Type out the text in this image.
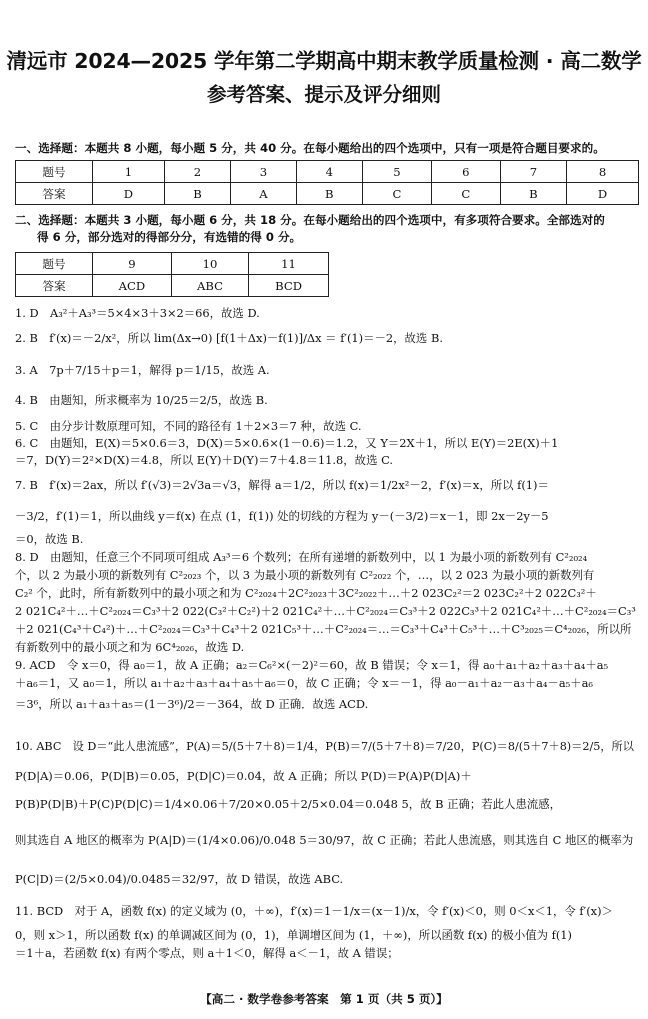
清远市 2024—2025 学年第二学期高中期末教学质量检测 · 高二数学
参考答案、提示及评分细则
一、选择题：本题共 8 小题，每小题 5 分，共 40 分。在每小题给出的四个选项中，只有一项是符合题目要求的。
题号	1	2	3	4	5	6	7	8
答案	D	B	A	B	C	C	B	D
二、选择题：本题共 3 小题，每小题 6 分，共 18 分。在每小题给出的四个选项中，有多项符合要求。全部选对的
得 6 分，部分选对的得部分分，有选错的得 0 分。
题号	9	10	11
答案	ACD	ABC	BCD
1. D　A₃²＋A₃³＝5×4×3＋3×2＝66，故选 D.
2. B　f′(x)＝－2/x²，所以 lim(Δx→0) [f(1＋Δx)－f(1)]/Δx ＝ f′(1)＝－2，故选 B.
3. A　7p＋7/15＋p＝1，解得 p＝1/15，故选 A.
4. B　由题知，所求概率为 10/25＝2/5，故选 B.
5. C　由分步计数原理可知，不同的路径有 1＋2×3＝7 种，故选 C.
6. C　由题知，E(X)＝5×0.6＝3，D(X)＝5×0.6×(1－0.6)＝1.2，又 Y＝2X＋1，所以 E(Y)＝2E(X)＋1
＝7，D(Y)＝2²×D(X)＝4.8，所以 E(Y)＋D(Y)＝7＋4.8＝11.8，故选 C.
7. B　f′(x)＝2ax，所以 f′(√3)＝2√3a＝√3，解得 a＝1/2，所以 f(x)＝1/2x²－2，f′(x)＝x，所以 f(1)＝
－3/2，f′(1)＝1，所以曲线 y＝f(x) 在点 (1，f(1)) 处的切线的方程为 y－(－3/2)＝x－1，即 2x－2y－5
＝0，故选 B.
8. D　由题知，任意三个不同项可组成 A₃³＝6 个数列；在所有递增的新数列中，以 1 为最小项的新数列有 C²₂₀₂₄
个，以 2 为最小项的新数列有 C²₂₀₂₃ 个，以 3 为最小项的新数列有 C²₂₀₂₂ 个，…，以 2 023 为最小项的新数列有
C₂² 个，此时，所有新数列中的最小项之和为 C²₂₀₂₄＋2C²₂₀₂₃＋3C²₂₀₂₂＋…＋2 023C₂²＝2 023C₂²＋2 022C₃²＋
2 021C₄²＋…＋C²₂₀₂₄＝C₃³＋2 022(C₃²＋C₂²)＋2 021C₄²＋…＋C²₂₀₂₄＝C₃³＋2 022C₃³＋2 021C₄²＋…＋C²₂₀₂₄＝C₃³
＋2 021(C₄³＋C₄²)＋…＋C²₂₀₂₄＝C₃³＋C₄³＋2 021C₅³＋…＋C²₂₀₂₄＝…＝C₃³＋C₄³＋C₅³＋…＋C³₂₀₂₅＝C⁴₂₀₂₆，所以所
有新数列中的最小项之和为 6C⁴₂₀₂₆，故选 D.
9. ACD　令 x＝0，得 a₀＝1，故 A 正确；a₂＝C₆²×(－2)²＝60，故 B 错误；令 x＝1，得 a₀＋a₁＋a₂＋a₃＋a₄＋a₅
＋a₆＝1，又 a₀＝1，所以 a₁＋a₂＋a₃＋a₄＋a₅＋a₆＝0，故 C 正确；令 x＝－1，得 a₀－a₁＋a₂－a₃＋a₄－a₅＋a₆
＝3⁶，所以 a₁＋a₃＋a₅＝(1－3⁶)/2＝－364，故 D 正确．故选 ACD.
10. ABC　设 D＝“此人患流感”，P(A)＝5/(5＋7＋8)＝1/4，P(B)＝7/(5＋7＋8)＝7/20，P(C)＝8/(5＋7＋8)＝2/5，所以
P(D|A)＝0.06，P(D|B)＝0.05，P(D|C)＝0.04，故 A 正确；所以 P(D)＝P(A)P(D|A)＋
P(B)P(D|B)＋P(C)P(D|C)＝1/4×0.06＋7/20×0.05＋2/5×0.04＝0.048 5，故 B 正确；若此人患流感，
则其选自 A 地区的概率为 P(A|D)＝(1/4×0.06)/0.048 5＝30/97，故 C 正确；若此人患流感，则其选自 C 地区的概率为
P(C|D)＝(2/5×0.04)/0.0485＝32/97，故 D 错误，故选 ABC.
11. BCD　对于 A，函数 f(x) 的定义域为 (0，＋∞)，f′(x)＝1－1/x＝(x－1)/x，令 f′(x)＜0，则 0＜x＜1，令 f′(x)＞
0，则 x＞1，所以函数 f(x) 的单调减区间为 (0，1)，单调增区间为 (1，＋∞)，所以函数 f(x) 的极小值为 f(1)
＝1＋a，若函数 f(x) 有两个零点，则 a＋1＜0，解得 a＜－1，故 A 错误；
【高二 · 数学卷参考答案　第 1 页（共 5 页）】
